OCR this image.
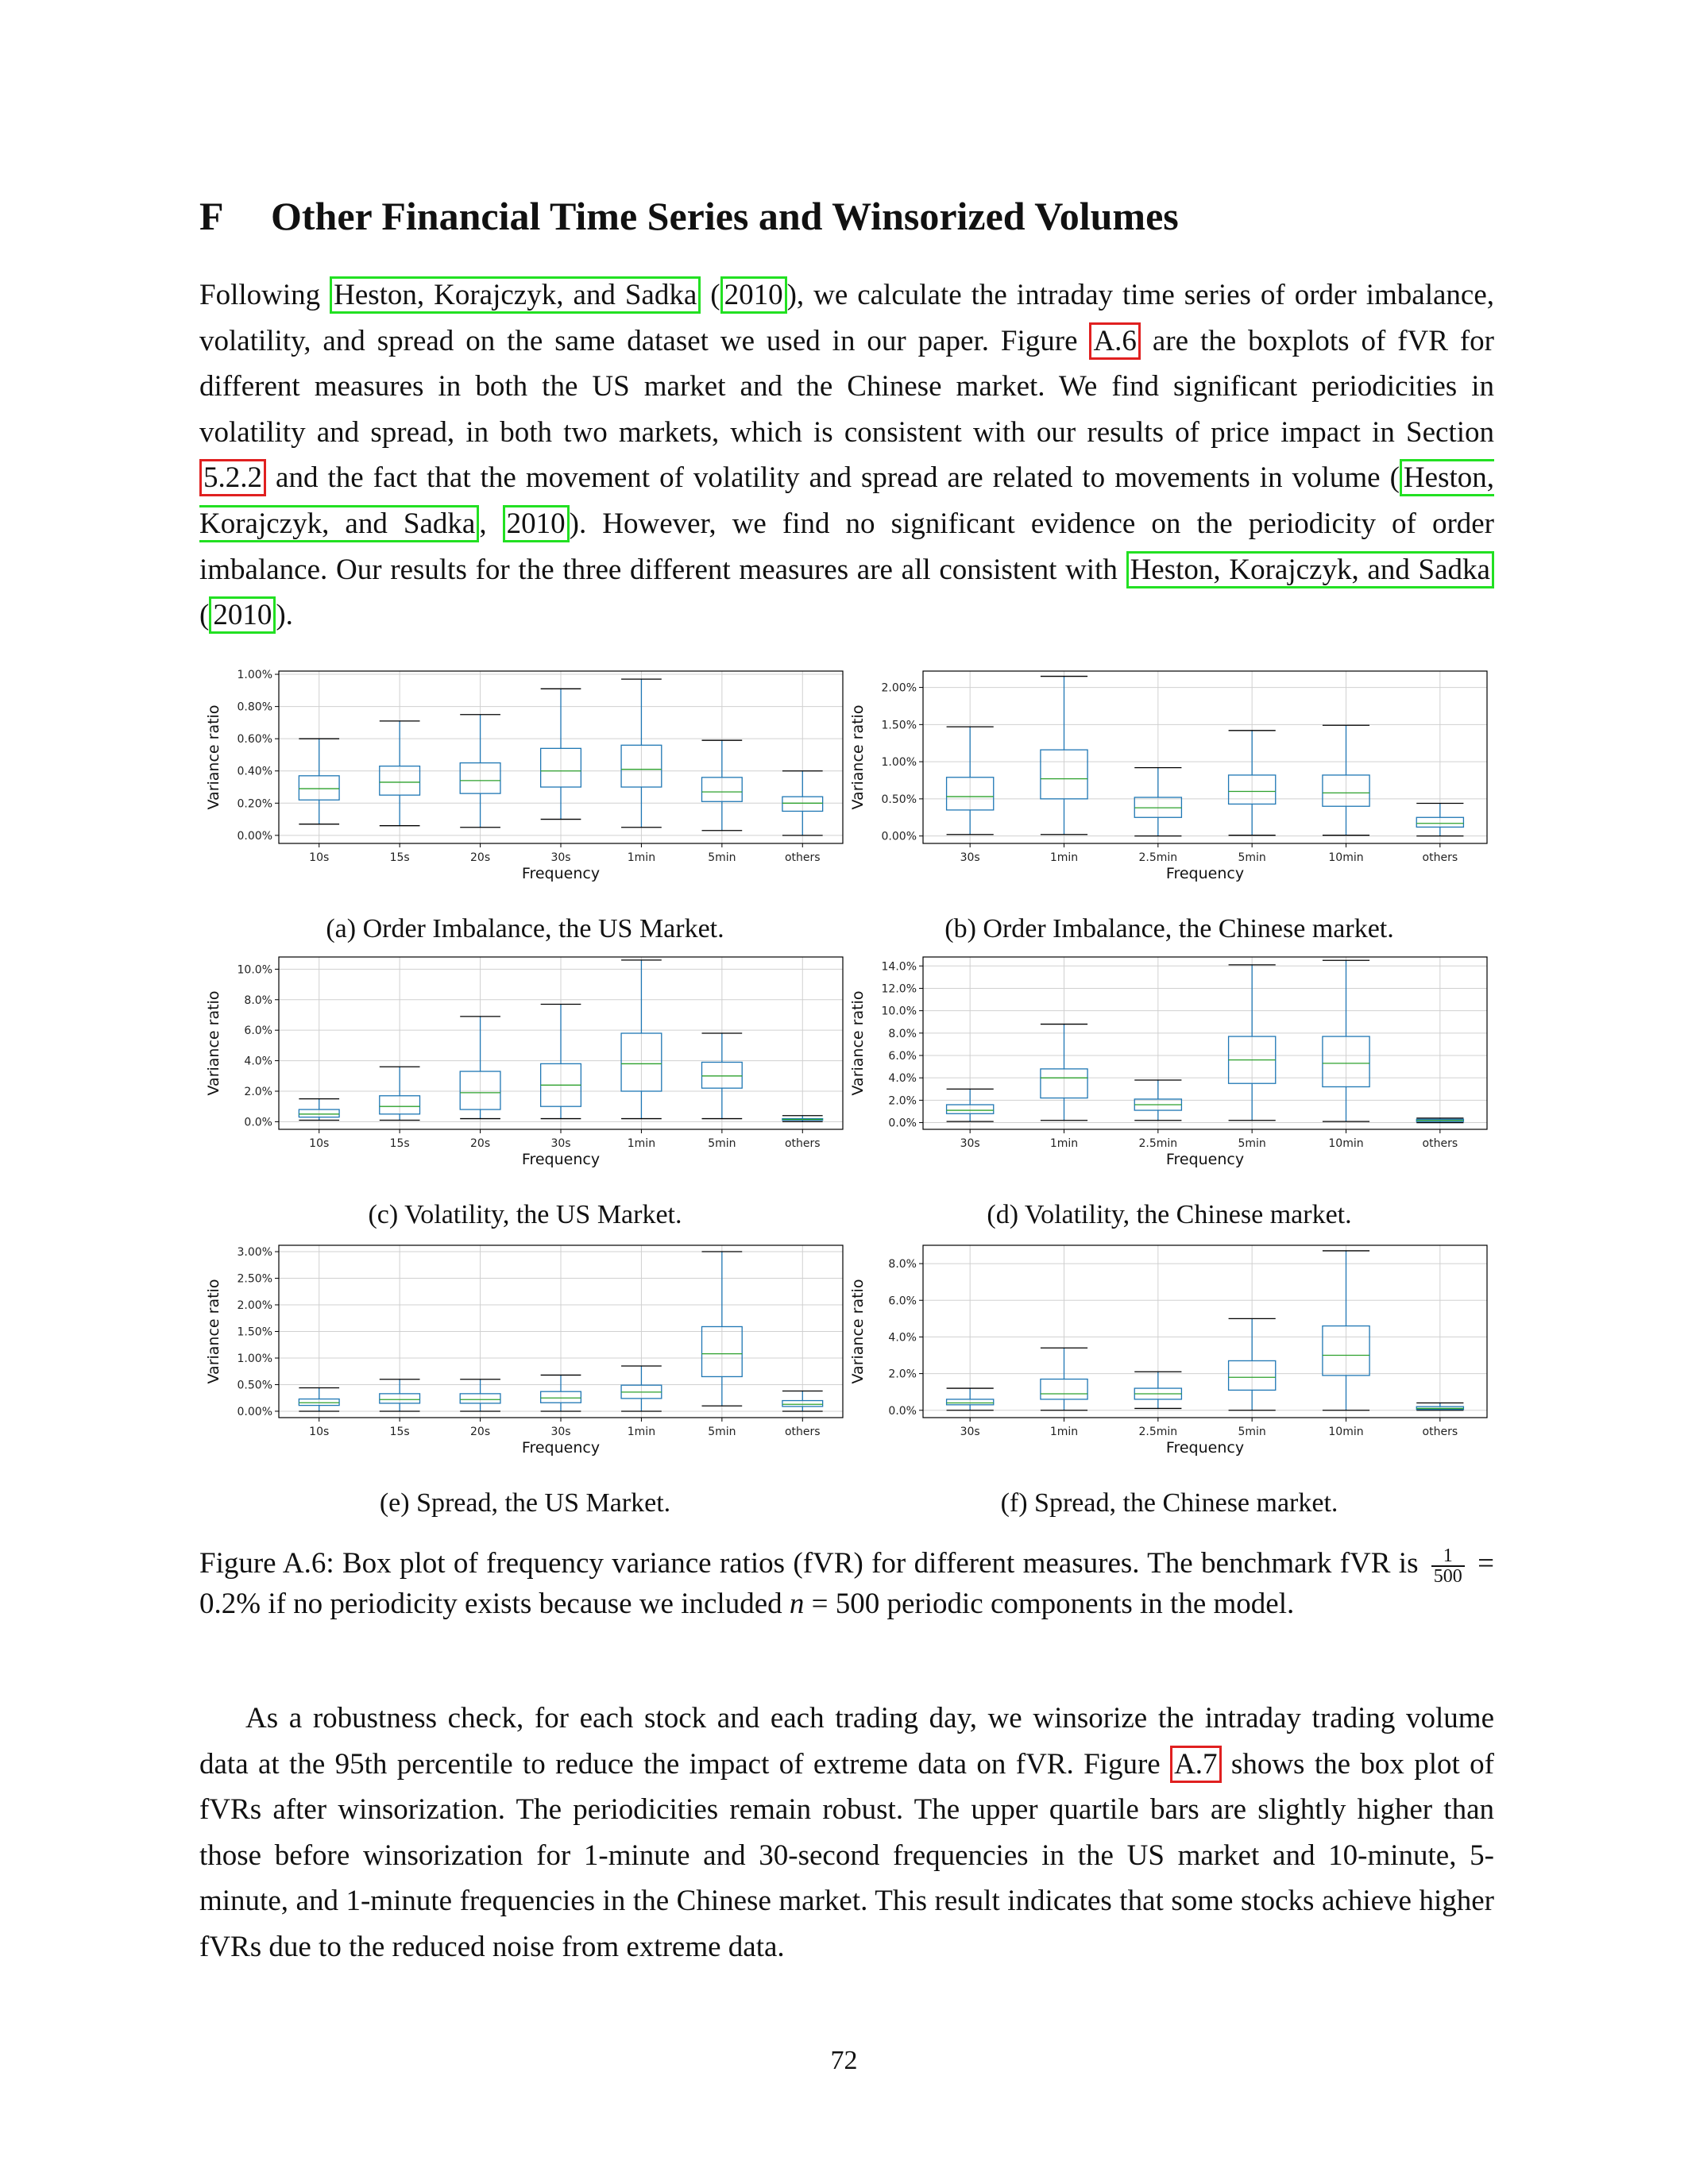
F Other Financial Time Series and Winsorized Volumes

Following Heston, Korajczyk, and Sadka ( 2010 ), we calculate the intraday time series of order imbalance, volatility, and spread on the same dataset we used in our paper. Figure A.6 are the boxplots of fVR for different measures in both the US market and the Chinese market. We find significant periodicities in volatility and spread, in both two markets, which is consistent with our results of price impact in Section 5.2.2 and the fact that the movement of volatility and spread are related to movements in volume ( Heston, Korajczyk, and Sadka , 2010 ). However, we find no significant evidence on the periodicity of order imbalance. Our results for the three different measures are all consistent with Heston, Korajczyk, and Sadka ( 2010 ).

0.00%
0.20%
0.40%
0.60%
0.80%
1.00%
10s	15s	20s	30s	1min	5min	others
Frequency
Variance ratio
0.00%
0.50%
1.00%
1.50%
2.00%
30s	1min	2.5min	5min	10min	others
Frequency
Variance ratio

(a) Order Imbalance, the US Market.	(b) Order Imbalance, the Chinese market.

0.0%
2.0%
4.0%
6.0%
8.0%
10.0%
10s	15s	20s	30s	1min	5min	others
Frequency
Variance ratio
0.0%
2.0%
4.0%
6.0%
8.0%
10.0%
12.0%
14.0%
30s	1min	2.5min	5min	10min	others
Frequency
Variance ratio

(c) Volatility, the US Market.	(d) Volatility, the Chinese market.

0.00%
0.50%
1.00%
1.50%
2.00%
2.50%
3.00%
10s	15s	20s	30s	1min	5min	others
Frequency
Variance ratio
0.0%
2.0%
4.0%
6.0%
8.0%
30s	1min	2.5min	5min	10min	others
Frequency
Variance ratio

(e) Spread, the US Market.	(f) Spread, the Chinese market.

Figure A.6: Box plot of frequency variance ratios (fVR) for different measures. The benchmark fVR is $\frac{1}{500} = 0.2\%$ if no periodicity exists because we included n = 500 periodic components in the model.

As a robustness check, for each stock and each trading day, we winsorize the intraday trading volume data at the 95th percentile to reduce the impact of extreme data on fVR. Figure A.7 shows the box plot of fVRs after winsorization. The periodicities remain robust. The upper quartile bars are slightly higher than those before winsorization for 1-minute and 30-second frequencies in the US market and 10-minute, 5-minute, and 1-minute frequencies in the Chinese market. This result indicates that some stocks achieve higher fVRs due to the reduced noise from extreme data.

72
